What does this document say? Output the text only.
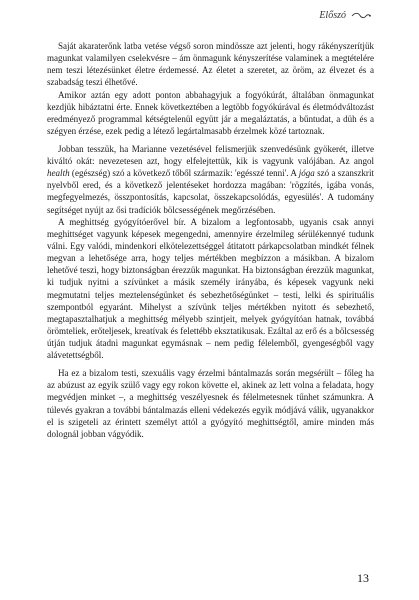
Előszó

Saját akaraterőnk latba vetése végső soron mindössze azt jelenti, hogy rákényszerítjük magunkat valamilyen cselekvésre – ám önmagunk kényszerítése valaminek a megtételére nem teszi létezésünket életre érdemessé. Az életet a szeretet, az öröm, az élvezet és a szabadság teszi élhetővé.

Amikor aztán egy adott ponton abbahagyjuk a fogyókúrát, általában önmagunkat kezdjük hibáztatni érte. Ennek következtében a legtöbb fogyókúrával és életmódváltozást eredményező programmal kétségtelenül együtt jár a megaláztatás, a bűntudat, a düh és a szégyen érzése, ezek pedig a létező legártalmasabb érzelmek közé tartoznak.

Jobban tesszük, ha Marianne vezetésével felismerjük szenvedésünk gyökerét, illetve kiváltó okát: nevezetesen azt, hogy elfelejtettük, kik is vagyunk valójában. Az angol health (egészség) szó a következő tőből származik: 'egésszé tenni'. A jóga szó a szanszkrit nyelvből ered, és a következő jelentéseket hordozza magában: 'rögzítés, igába vonás, megfegyelmezés, összpontosítás, kapcsolat, összekapcsolódás, egyesülés'. A tudomány segítséget nyújt az ősi tradíciók bölcsességének megőrzésében.

A meghittség gyógyítóerővel bír. A bizalom a legfontosabb, ugyanis csak annyi meghittséget vagyunk képesek megengedni, amennyire érzelmileg sérülékennyé tudunk válni. Egy valódi, mindenkori elkötelezettséggel átitatott párkapcsolatban mindkét félnek megvan a lehetősége arra, hogy teljes mértékben megbízzon a másikban. A bizalom lehetővé teszi, hogy biztonságban érezzük magunkat. Ha biztonságban érezzük magunkat, ki tudjuk nyitni a szívünket a másik személy irányába, és képesek vagyunk neki megmutatni teljes meztelenségünket és sebezhetőségünket – testi, lelki és spirituális szempontból egyaránt. Mihelyst a szívünk teljes mértékben nyitott és sebezhető, megtapasztalhatjuk a meghittség mélyebb szintjeit, melyek gyógyítóan hatnak, továbbá örömteliek, erőteljesek, kreatívak és felettébb eksztatikusak. Ezáltal az erő és a bölcsesség útján tudjuk átadni magunkat egymásnak – nem pedig félelemből, gyengeségből vagy alávetettségből.

Ha ez a bizalom testi, szexuális vagy érzelmi bántalmazás során megsérült – főleg ha az abúzust az egyik szülő vagy egy rokon követte el, akinek az lett volna a feladata, hogy megvédjen minket –, a meghittség veszélyesnek és félelmetesnek tűnhet számunkra. A túlevés gyakran a további bántalmazás elleni védekezés egyik módjává válik, ugyanakkor el is szigeteli az érintett személyt attól a gyógyító meghittségtől, amire minden más dolognál jobban vágyódik.

13
